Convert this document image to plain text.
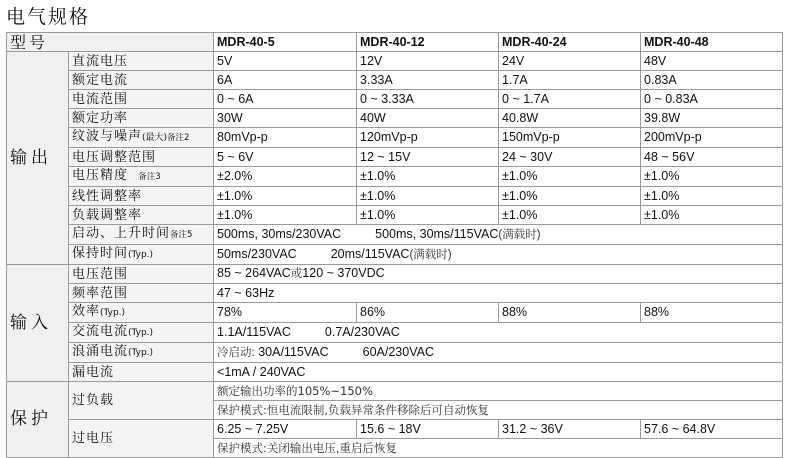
电气规格
型号		MDR-40-5	MDR-40-12	MDR-40-24	MDR-40-48
输出	直流电压	5V	12V	24V	48V
	额定电流	6A	3.33A	1.7A	0.83A
	电流范围	0 ~ 6A	0 ~ 3.33A	0 ~ 1.7A	0 ~ 0.83A
	额定功率	30W	40W	40.8W	39.8W
	纹波与噪声(最大)备注2	80mVp-p	120mVp-p	150mVp-p	200mVp-p
	电压调整范围	5 ~ 6V	12 ~ 15V	24 ~ 30V	48 ~ 56V
	电压精度 备注3	±2.0%	±1.0%	±1.0%	±1.0%
	线性调整率	±1.0%	±1.0%	±1.0%	±1.0%
	负载调整率	±1.0%	±1.0%	±1.0%	±1.0%
	启动、上升时间备注5	500ms, 30ms/230VAC 500ms, 30ms/115VAC(满载时)			
	保持时间(Typ.)	50ms/230VAC 20ms/115VAC(满载时)			
输入	电压范围	85 ~ 264VAC或120 ~ 370VDC			
	频率范围	47 ~ 63Hz			
	效率(Typ.)	78%	86%	88%	88%
	交流电流(Typ.)	1.1A/115VAC 0.7A/230VAC			
	浪涌电流(Typ.)	冷启动: 30A/115VAC 60A/230VAC			
	漏电流	<1mA / 240VAC			
保护	过负载	额定输出功率的105%~150%			
		保护模式:恒电流限制,负载异常条件移除后可自动恢复			
	过电压	6.25 ~ 7.25V	15.6 ~ 18V	31.2 ~ 36V	57.6 ~ 64.8V
		保护模式:关闭输出电压,重启后恢复			
